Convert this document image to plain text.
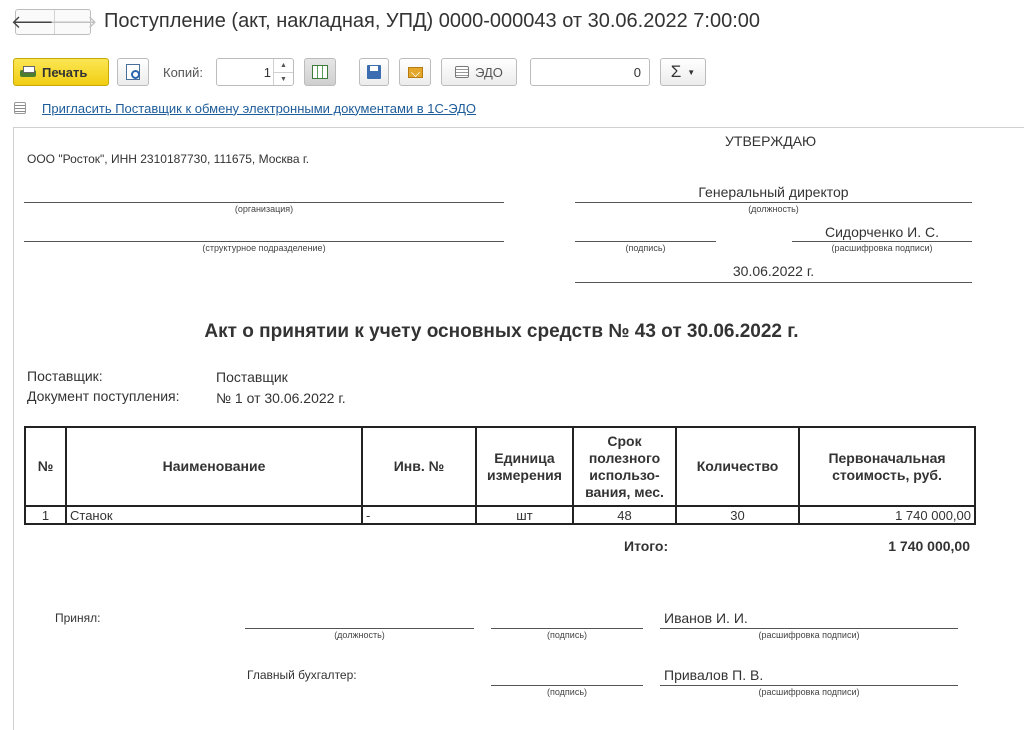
🡐
🡒 Поступление (акт, накладная, УПД) 0000-000043 от 30.06.2022 7:00:00
Печать	Копий:
1	▲
▼	ЭДО	0	Σ ▼
Пригласить Поставщик к обмену электронными документами в 1С-ЭДО
ООО "Росток", ИНН 2310187730, 111675, Москва г.
(организация)
(структурное подразделение)
УТВЕРЖДАЮ
Генеральный директор
(должность)
(подпись)
Сидорченко И. С.
(расшифровка подписи)
30.06.2022 г.
Акт о принятии к учету основных средств № 43 от 30.06.2022 г.
Поставщик:	Поставщик
Документ поступления:	№ 1 от 30.06.2022 г.
№	Наименование	Инв. №	Единица измерения	Срок полезного использо-вания, мес.	Количество	Первоначальная стоимость, руб.
1	Станок	-	шт	48	30	1 740 000,00
Итого:	1 740 000,00
Принял:
(должность)	(подпись)
Иванов И. И.
(расшифровка подписи)
Главный бухгалтер:
(подпись)
Привалов П. В.
(расшифровка подписи)
